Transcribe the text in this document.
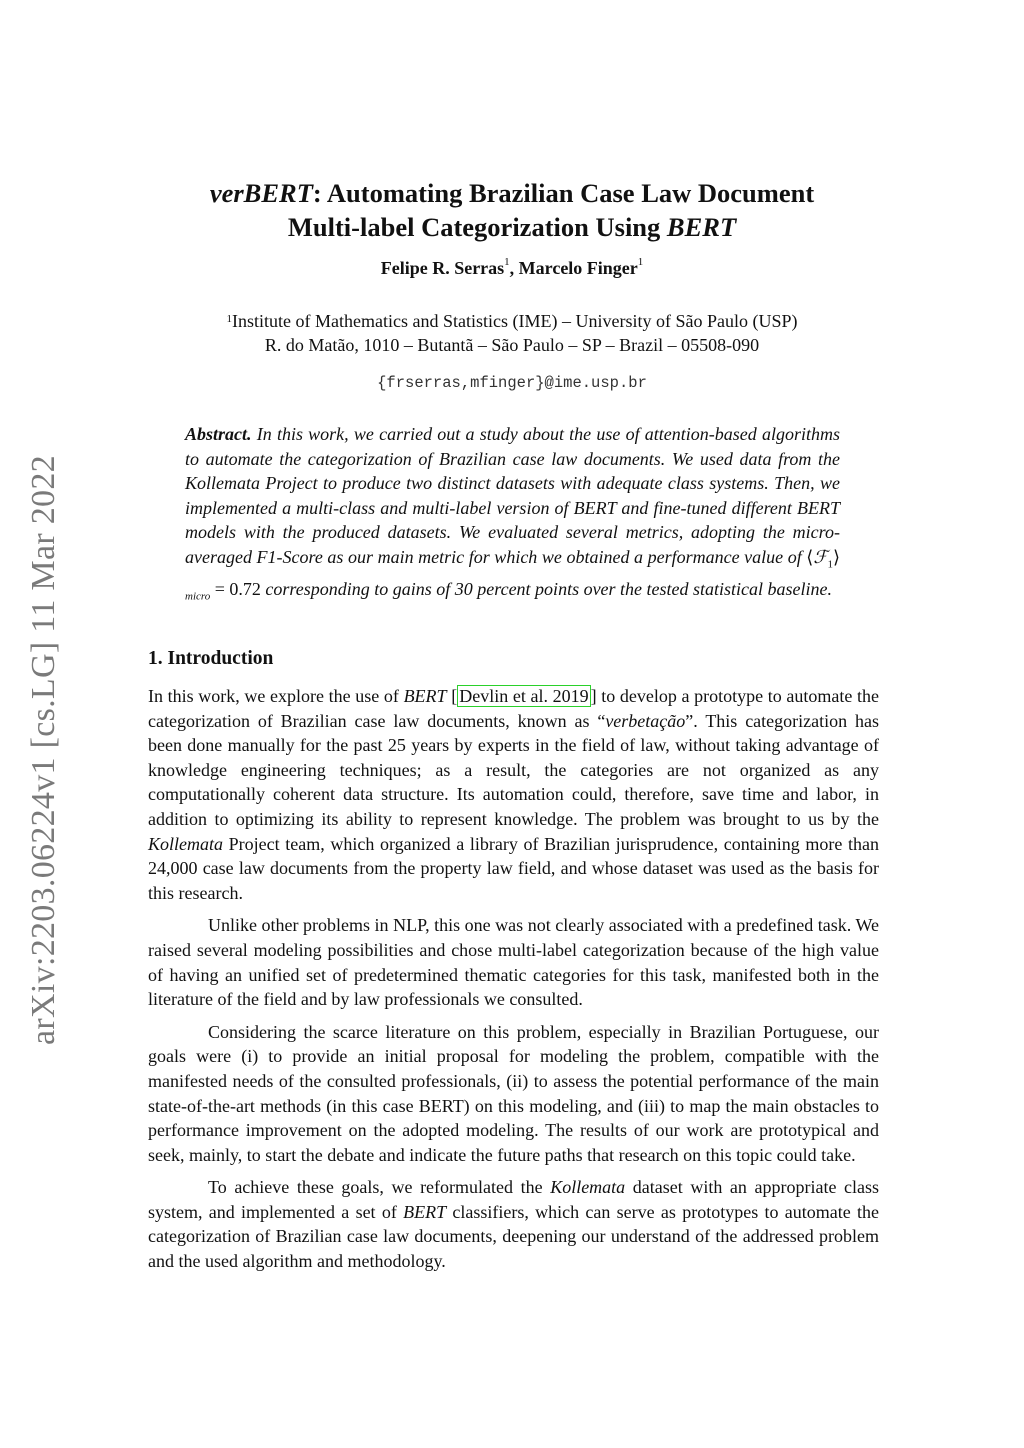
arXiv:2203.06224v1 [cs.LG] 11 Mar 2022
verBERT: Automating Brazilian Case Law Document
Multi-label Categorization Using BERT
Felipe R. Serras$^1$, Marcelo Finger$^1$
$^1$Institute of Mathematics and Statistics (IME) – University of São Paulo (USP)
R. do Matão, 1010 – Butantã – São Paulo – SP – Brazil – 05508-090
{frserras,mfinger}@ime.usp.br
Abstract. In this work, we carried out a study about the use of attention-based algorithms to automate the categorization of Brazilian case law documents. We used data from the Kollemata Project to produce two distinct datasets with adequate class systems. Then, we implemented a multi-class and multi-label version of BERT and fine-tuned different BERT models with the produced datasets. We evaluated several metrics, adopting the micro-averaged F1-Score as our main metric for which we obtained a performance value of $⟨ℱ_1⟩_{micro} = 0.72$ corresponding to gains of 30 percent points over the tested statistical baseline.
1. Introduction

In this work, we explore the use of BERT [ Devlin et al. 2019 ] to develop a prototype to automate the categorization of Brazilian case law documents, known as “verbetação”. This categorization has been done manually for the past 25 years by experts in the field of law, without taking advantage of knowledge engineering techniques; as a result, the categories are not organized as any computationally coherent data structure. Its automation could, therefore, save time and labor, in addition to optimizing its ability to represent knowledge. The problem was brought to us by the Kollemata Project team, which organized a library of Brazilian jurisprudence, containing more than 24,000 case law documents from the property law field, and whose dataset was used as the basis for this research.

Unlike other problems in NLP, this one was not clearly associated with a predefined task. We raised several modeling possibilities and chose multi-label categorization because of the high value of having an unified set of predetermined thematic categories for this task, manifested both in the literature of the field and by law professionals we consulted.

Considering the scarce literature on this problem, especially in Brazilian Portuguese, our goals were (i) to provide an initial proposal for modeling the problem, compatible with the manifested needs of the consulted professionals, (ii) to assess the potential performance of the main state-of-the-art methods (in this case BERT) on this modeling, and (iii) to map the main obstacles to performance improvement on the adopted modeling. The results of our work are prototypical and seek, mainly, to start the debate and indicate the future paths that research on this topic could take.

To achieve these goals, we reformulated the Kollemata dataset with an appropriate class system, and implemented a set of BERT classifiers, which can serve as prototypes to automate the categorization of Brazilian case law documents, deepening our understand of the addressed problem and the used algorithm and methodology.
